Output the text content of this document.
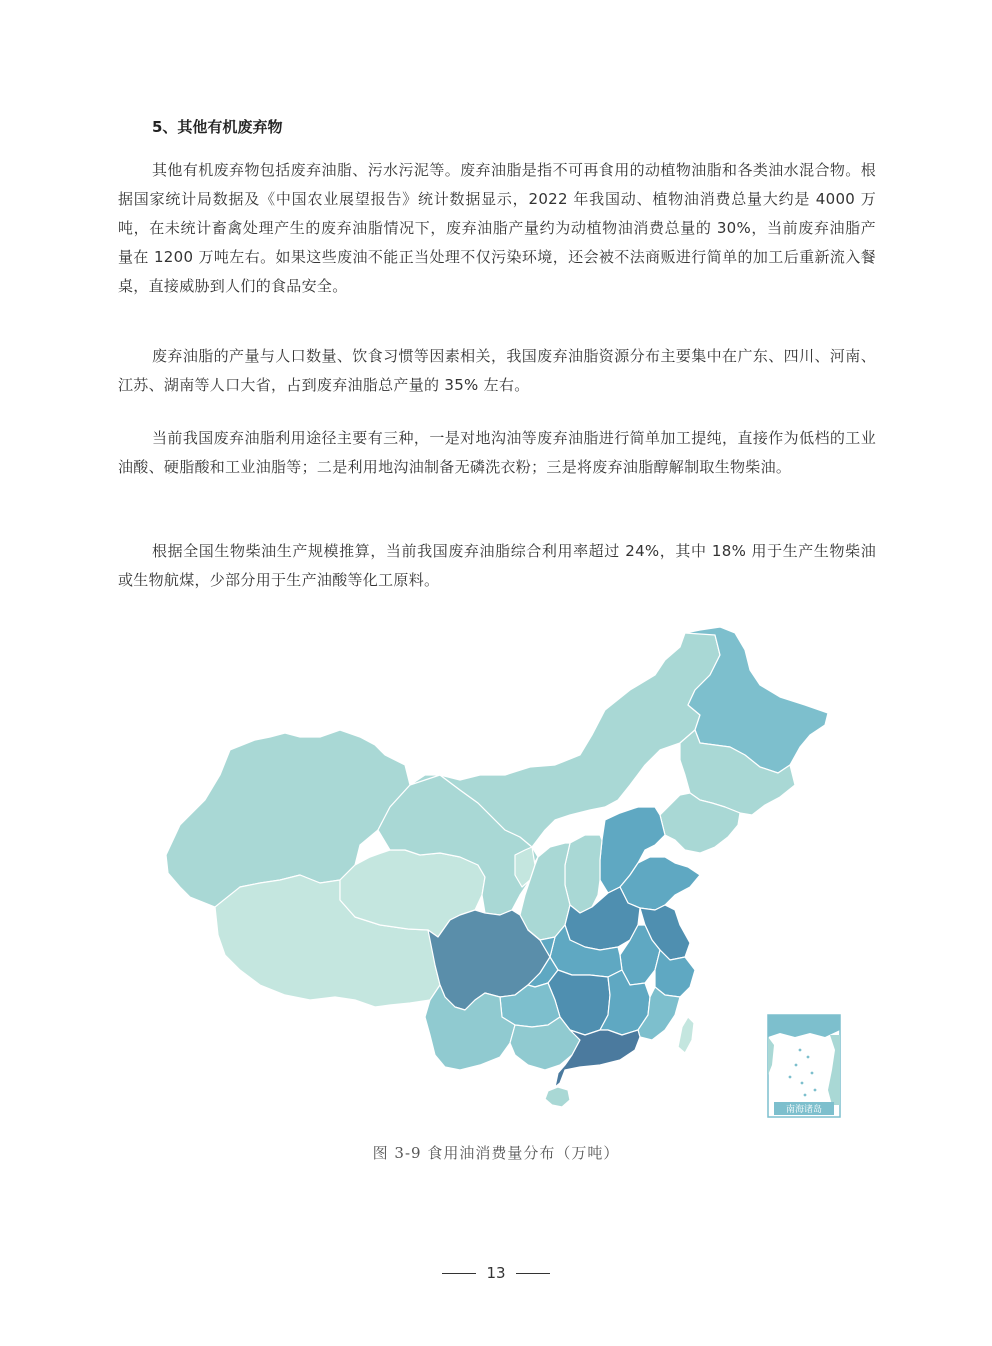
5、其他有机废弃物

其他有机废弃物包括废弃油脂、污水污泥等。废弃油脂是指不可再食用的动植物油脂和各类油水混合物。根据国家统计局数据及《中国农业展望报告》统计数据显示，2022 年我国动、植物油消费总量大约是 4000 万吨，在未统计畜禽处理产生的废弃油脂情况下，废弃油脂产量约为动植物油消费总量的 30%，当前废弃油脂产量在 1200 万吨左右。如果这些废油不能正当处理不仅污染环境，还会被不法商贩进行简单的加工后重新流入餐桌，直接威胁到人们的食品安全。

废弃油脂的产量与人口数量、饮食习惯等因素相关，我国废弃油脂资源分布主要集中在广东、四川、河南、江苏、湖南等人口大省，占到废弃油脂总产量的 35% 左右。

当前我国废弃油脂利用途径主要有三种，一是对地沟油等废弃油脂进行简单加工提纯，直接作为低档的工业油酸、硬脂酸和工业油脂等；二是利用地沟油制备无磷洗衣粉；三是将废弃油脂醇解制取生物柴油。

根据全国生物柴油生产规模推算，当前我国废弃油脂综合利用率超过 24%，其中 18% 用于生产生物柴油或生物航煤，少部分用于生产油酸等化工原料。

南海诸岛
图 3-9 食用油消费量分布（万吨）
13
